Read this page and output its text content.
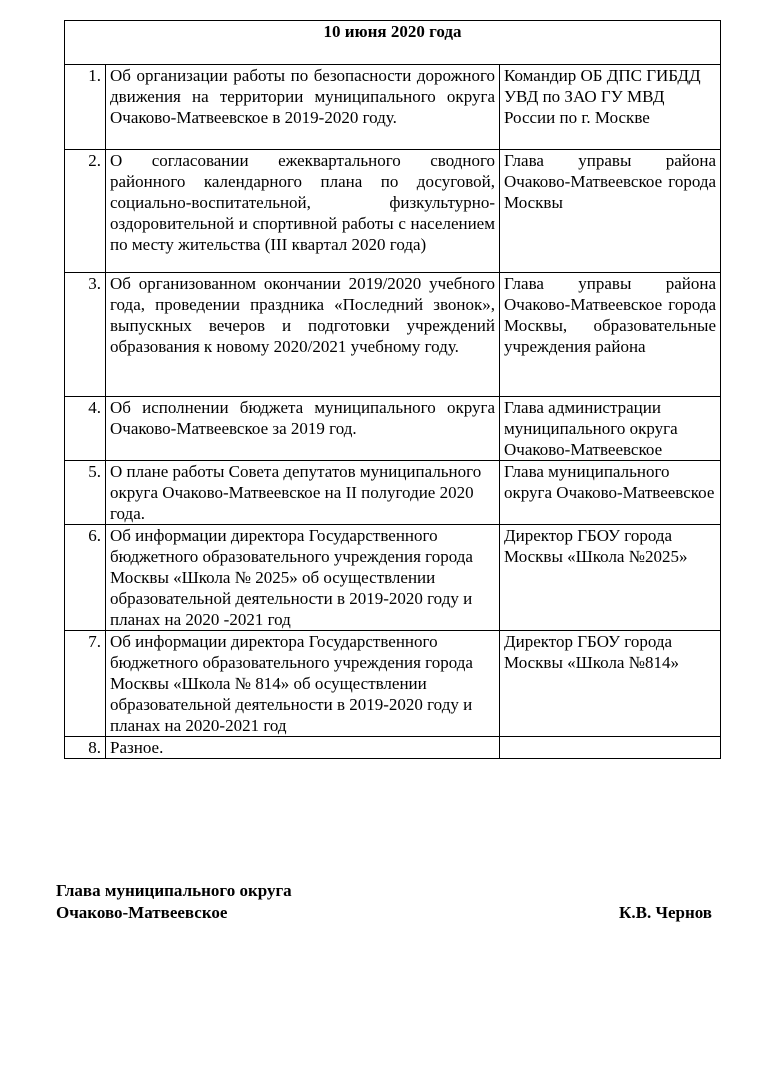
10 июня 2020 года		
1.	Об организации работы по безопасности дорожного движения на территории муниципального округа Очаково-Матвеевское в 2019-2020 году.	Командир ОБ ДПС ГИБДД УВД по ЗАО ГУ МВД России по г. Москве
2.	О согласовании ежеквартального сводного районного календарного плана по досуговой, социально-воспитательной, физкультурно-оздоровительной и спортивной работы с населением по месту жительства (III квартал 2020 года)	Глава управы района Очаково-Матвеевское города Москвы
3.	Об организованном окончании 2019/2020 учебного года, проведении праздника «Последний звонок», выпускных вечеров и подготовки учреждений образования к новому 2020/2021 учебному году.	Глава управы района Очаково-Матвеевское города Москвы, образовательные учреждения района
4.	Об исполнении бюджета муниципального округа Очаково-Матвеевское за 2019 год.	Глава администрации муниципального округа Очаково-Матвеевское
5.	О плане работы Совета депутатов муниципального округа Очаково-Матвеевское на II полугодие 2020 года.	Глава муниципального округа Очаково-Матвеевское
6.	Об информации директора Государственного бюджетного образовательного учреждения города Москвы «Школа № 2025» об осуществлении образовательной деятельности в 2019-2020 году и планах на 2020 -2021 год	Директор ГБОУ города Москвы «Школа №2025»
7.	Об информации директора Государственного бюджетного образовательного учреждения города Москвы «Школа № 814» об осуществлении образовательной деятельности в 2019-2020 году и планах на 2020-2021 год	Директор ГБОУ города Москвы «Школа №814»
8.	Разное.	
Глава муниципального округа
Очаково-Матвеевское	К.В. Чернов
